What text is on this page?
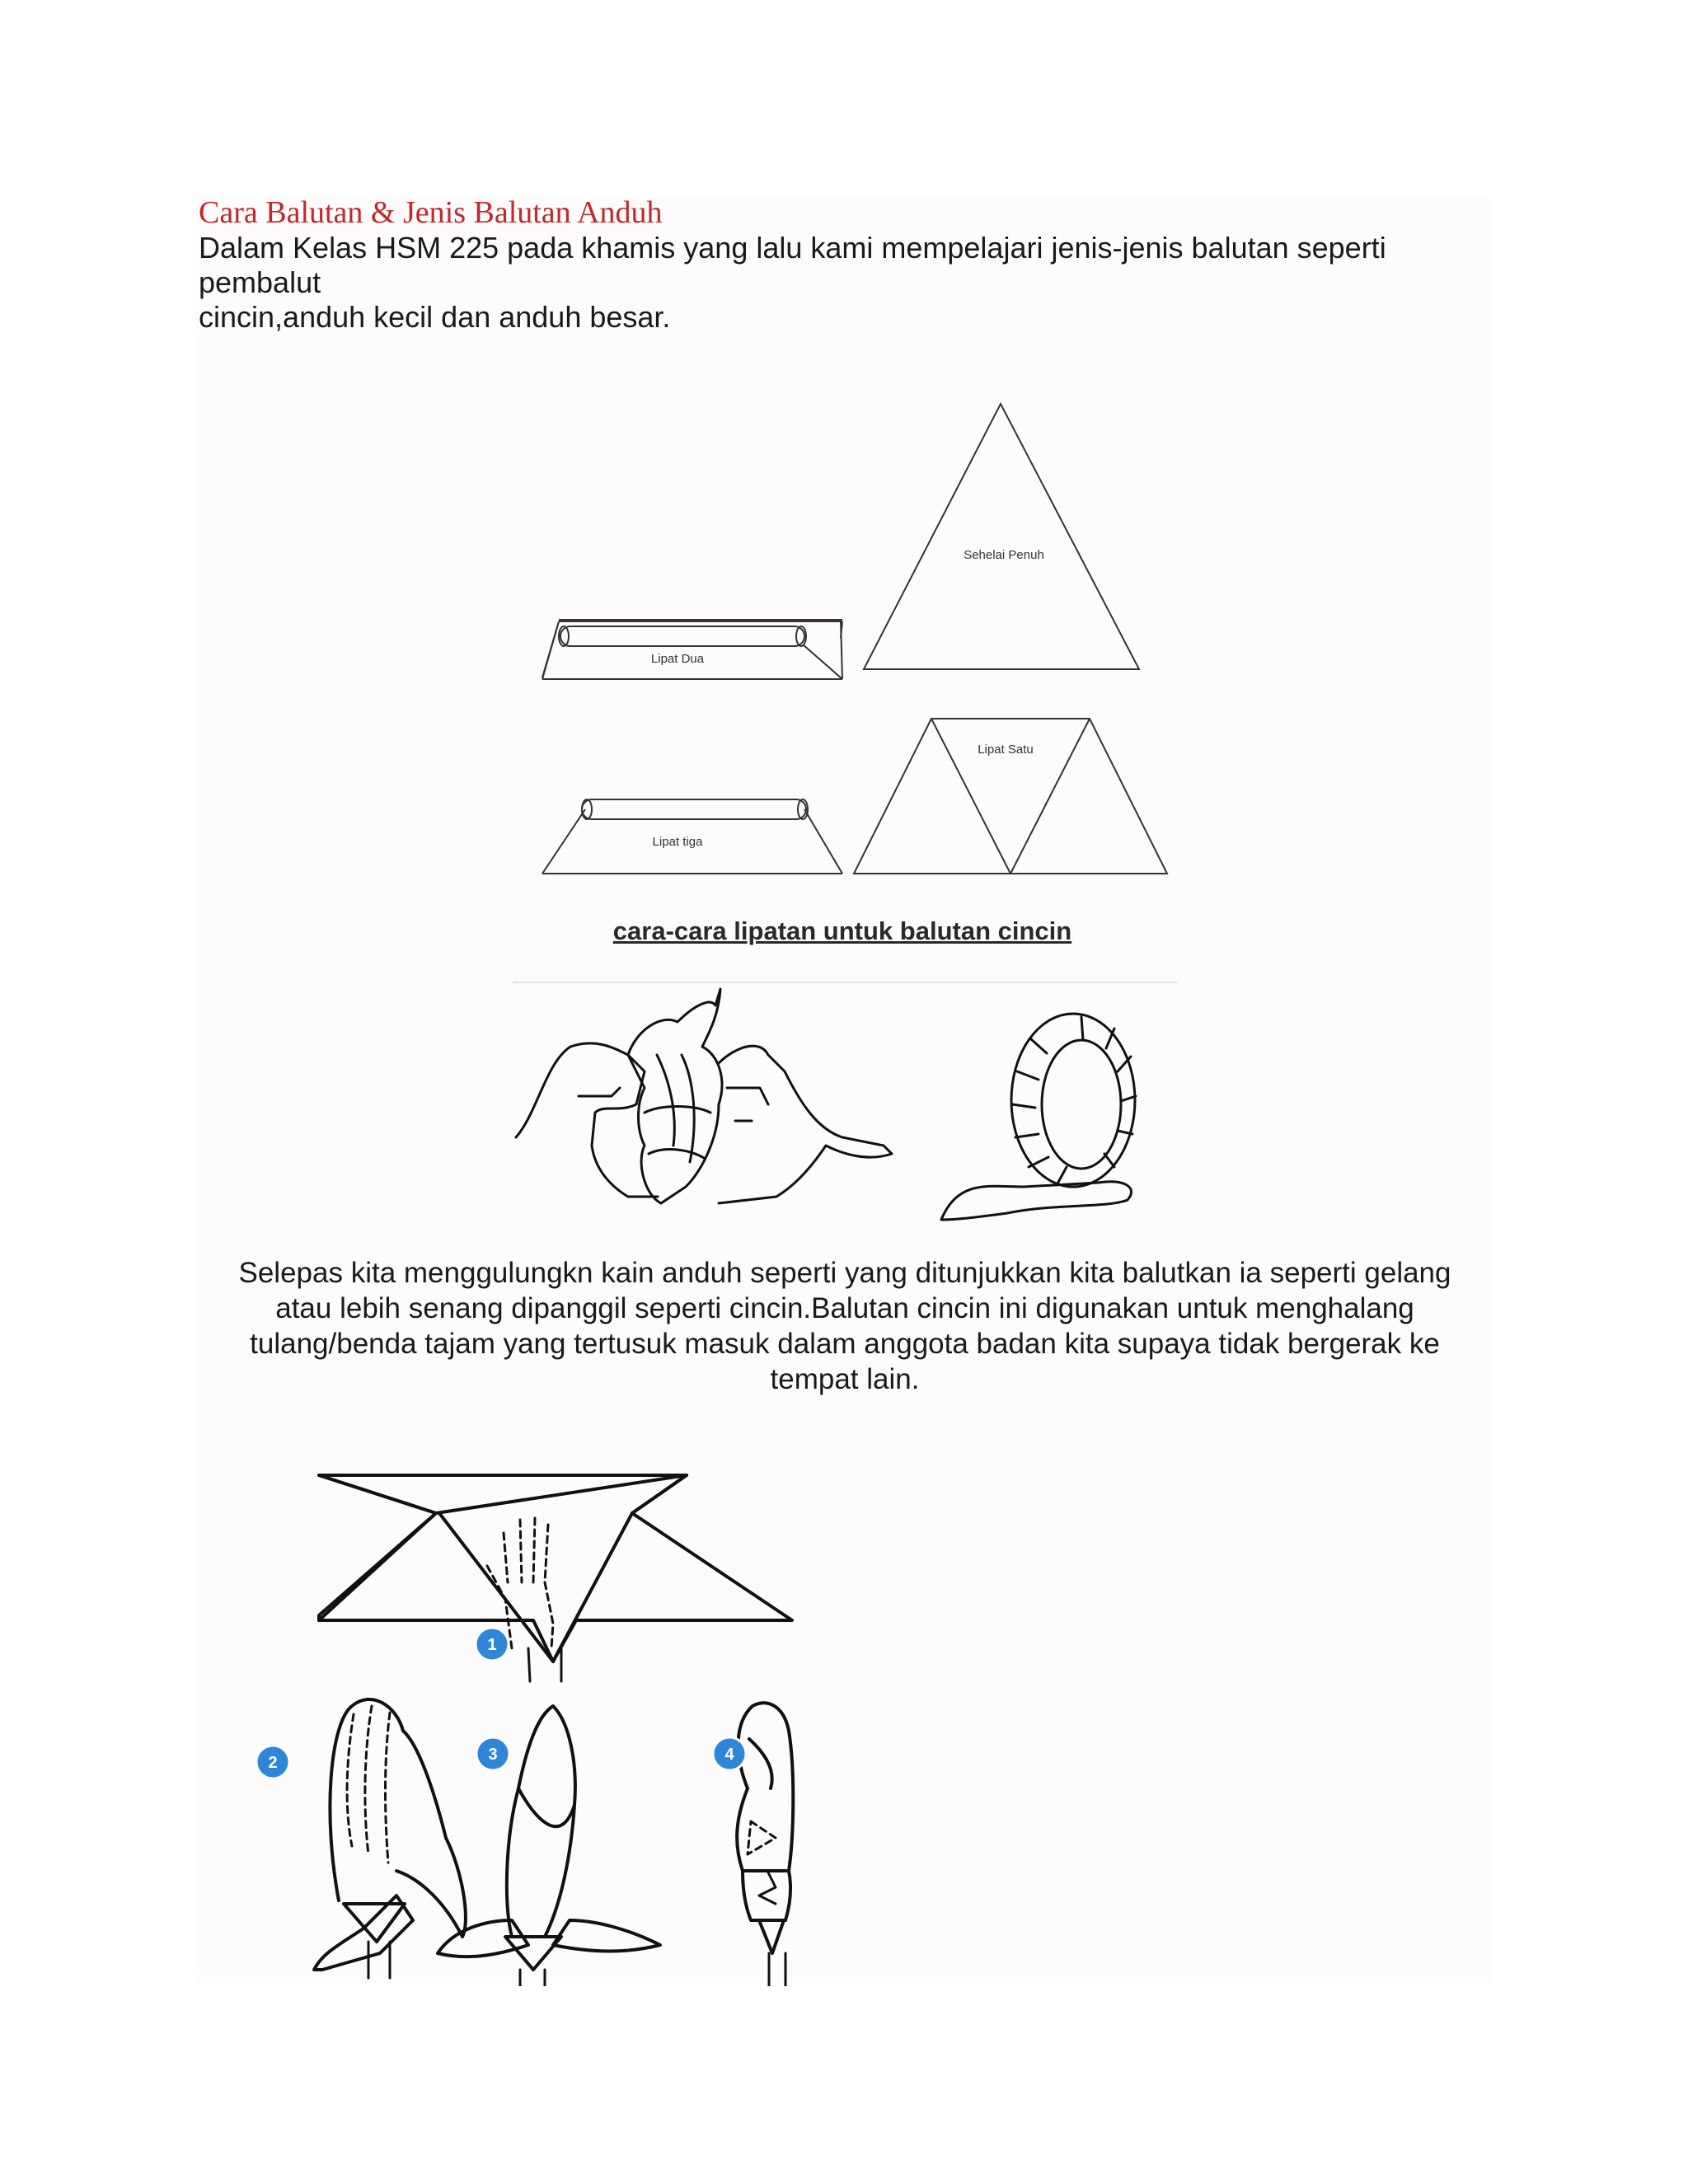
Cara Balutan & Jenis Balutan Anduh
Dalam Kelas HSM 225 pada khamis yang lalu kami mempelajari jenis-jenis balutan seperti
pembalut
cincin,anduh kecil dan anduh besar.
Sehelai Penuh
Lipat Dua
Lipat Satu
Lipat tiga
cara-cara lipatan untuk balutan cincin
Selepas kita menggulungkn kain anduh seperti yang ditunjukkan kita balutkan ia seperti gelang
atau lebih senang dipanggil seperti cincin.Balutan cincin ini digunakan untuk menghalang
tulang/benda tajam yang tertusuk masuk dalam anggota badan kita supaya tidak bergerak ke
tempat lain.
1
2	3	4
